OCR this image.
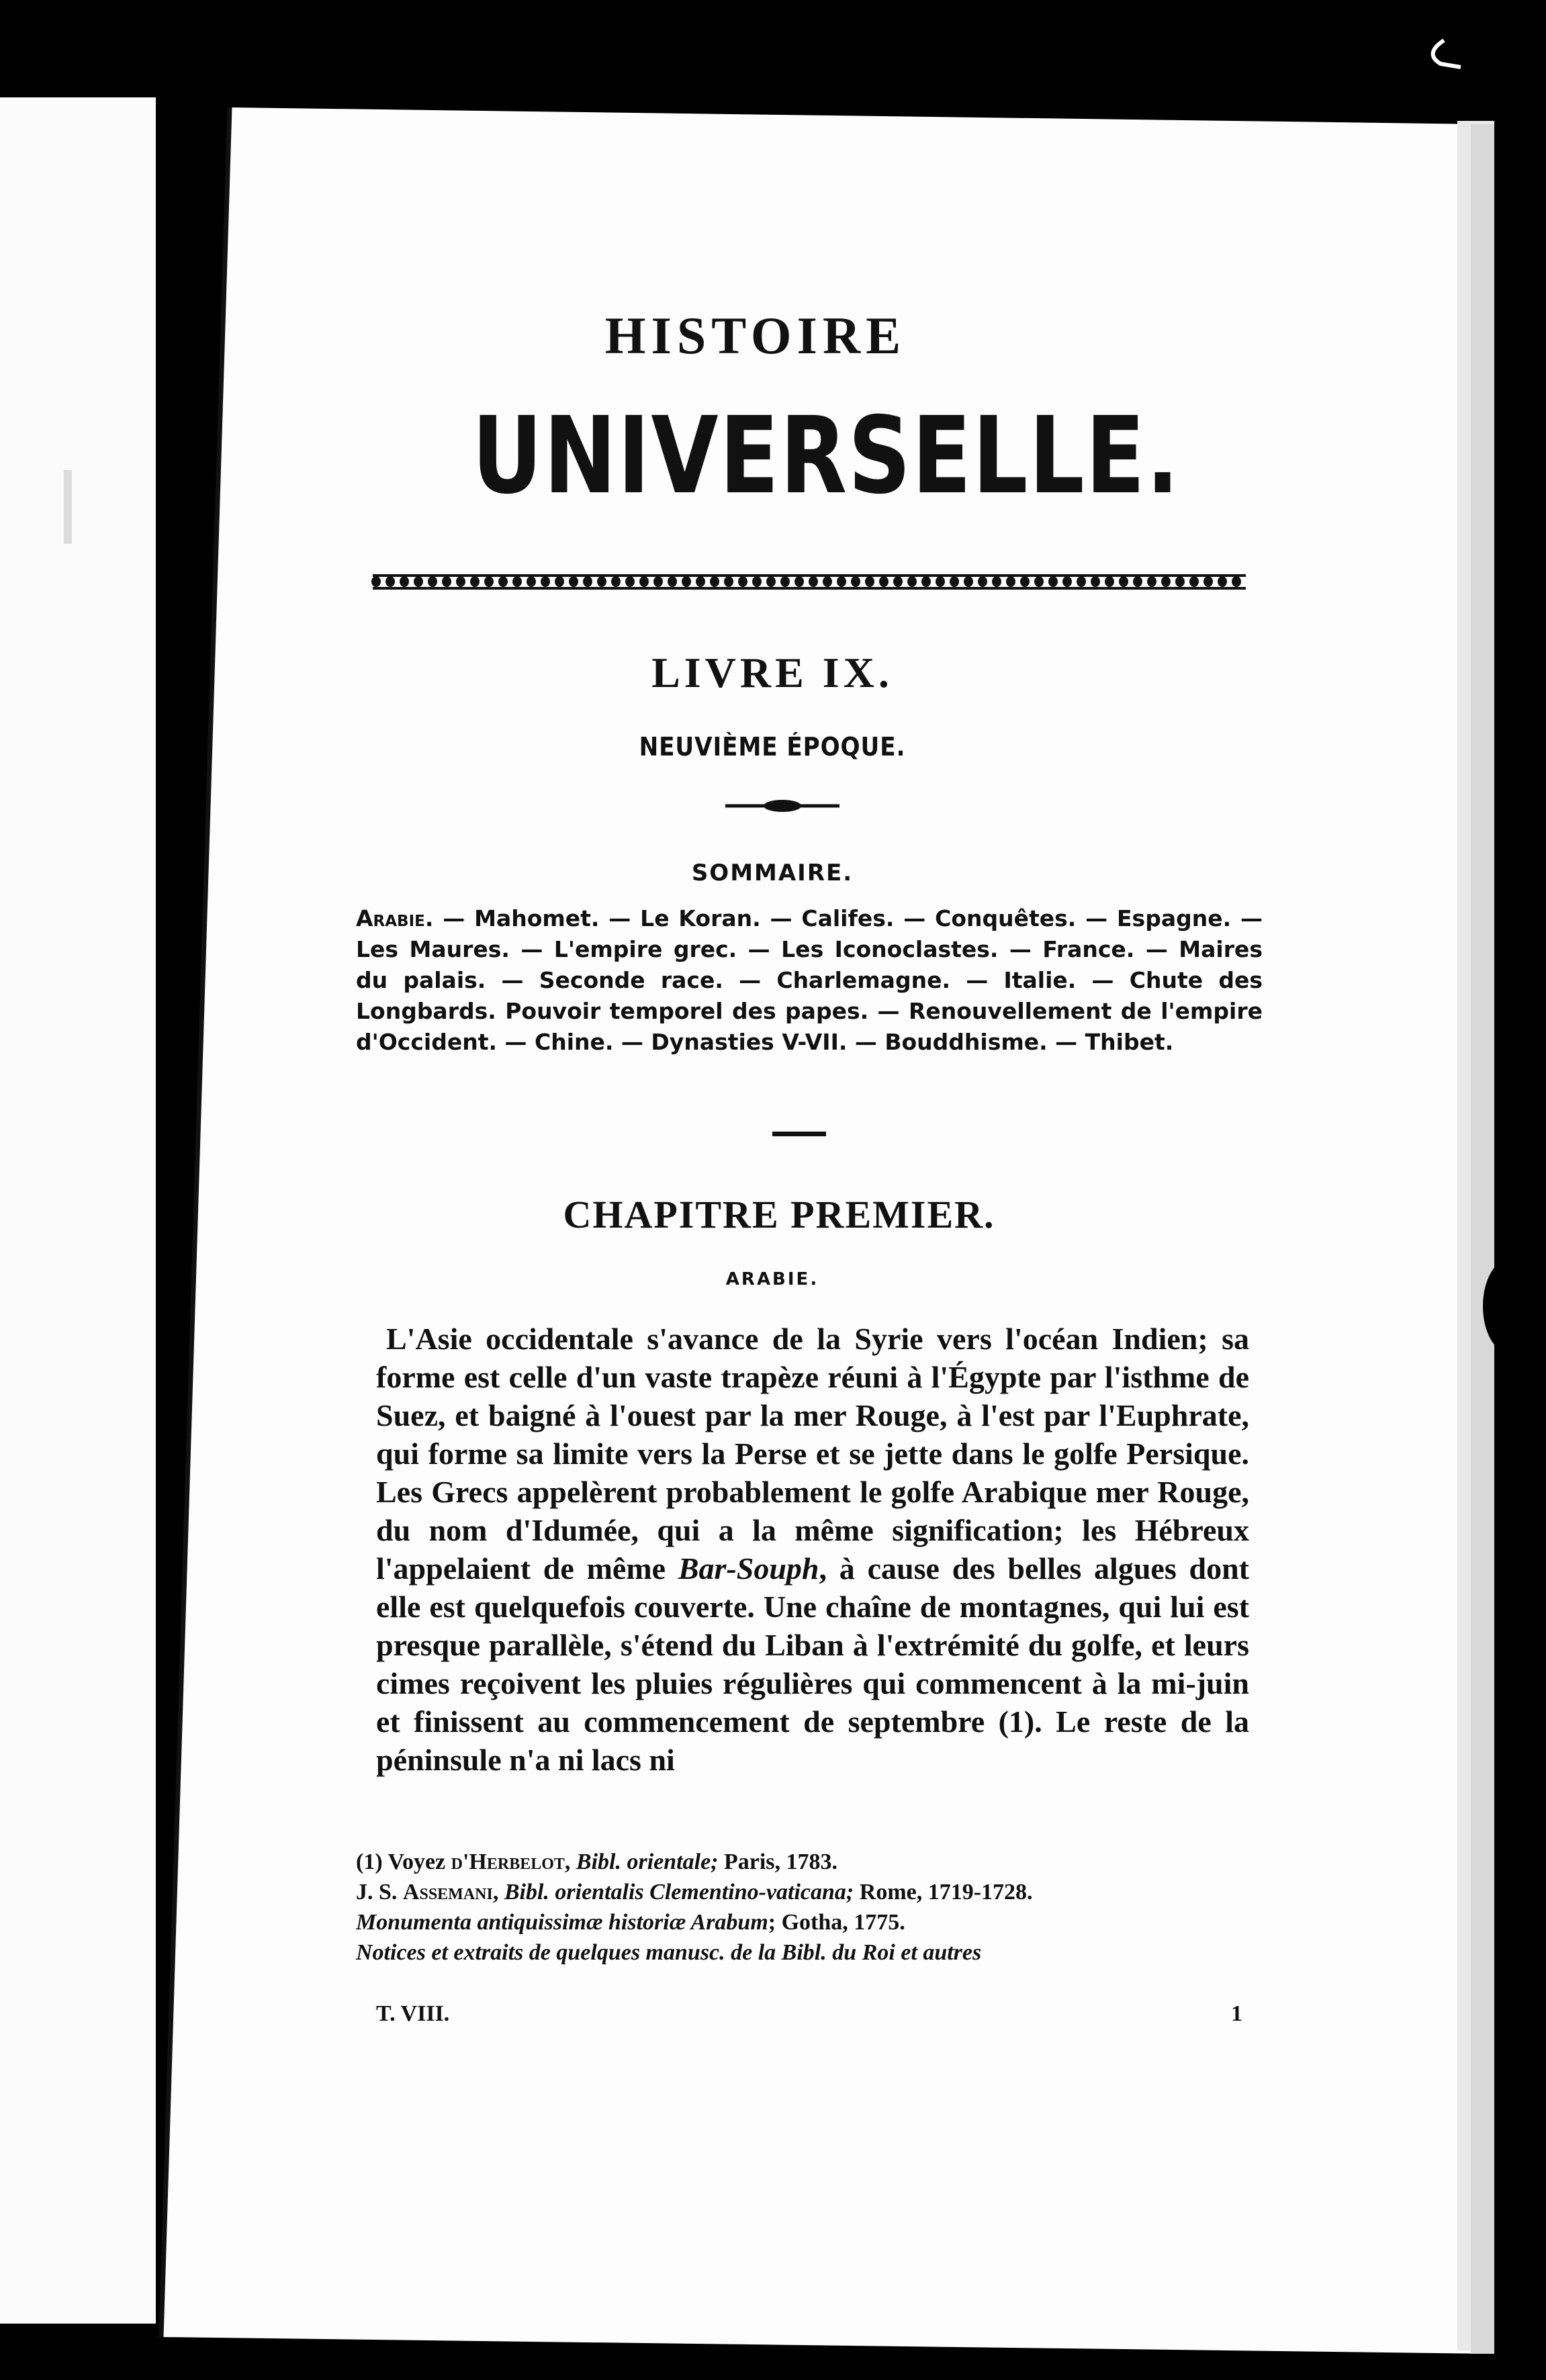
HISTOIRE
UNIVERSELLE.
LIVRE IX.
NEUVIÈME ÉPOQUE.
SOMMAIRE.
Arabie. — Mahomet. — Le Koran. — Califes. — Conquêtes. — Espagne. — Les Maures. — L'empire grec. — Les Iconoclastes. — France. — Maires du palais. — Seconde race. — Charlemagne. — Italie. — Chute des Longbards. Pouvoir temporel des papes. — Renouvellement de l'empire d'Occident. — Chine. — Dynasties V-VII. — Bouddhisme. — Thibet.
CHAPITRE PREMIER.
ARABIE.
L'Asie occidentale s'avance de la Syrie vers l'océan Indien; sa forme est celle d'un vaste trapèze réuni à l'Égypte par l'isthme de Suez, et baigné à l'ouest par la mer Rouge, à l'est par l'Euphrate, qui forme sa limite vers la Perse et se jette dans le golfe Persique. Les Grecs appelèrent probablement le golfe Arabique mer Rouge, du nom d'Idumée, qui a la même signification; les Hébreux l'appelaient de même Bar-Souph, à cause des belles algues dont elle est quelquefois couverte. Une chaîne de montagnes, qui lui est presque parallèle, s'étend du Liban à l'extrémité du golfe, et leurs cimes reçoivent les pluies régulières qui commencent à la mi-juin et finissent au commencement de septembre (1). Le reste de la péninsule n'a ni lacs ni
(1) Voyez d'Herbelot, Bibl. orientale; Paris, 1783.
J. S. Assemani, Bibl. orientalis Clementino-vaticana; Rome, 1719-1728.
Monumenta antiquissimæ historiæ Arabum; Gotha, 1775.
Notices et extraits de quelques manusc. de la Bibl. du Roi et autres
T. VIII.	1
